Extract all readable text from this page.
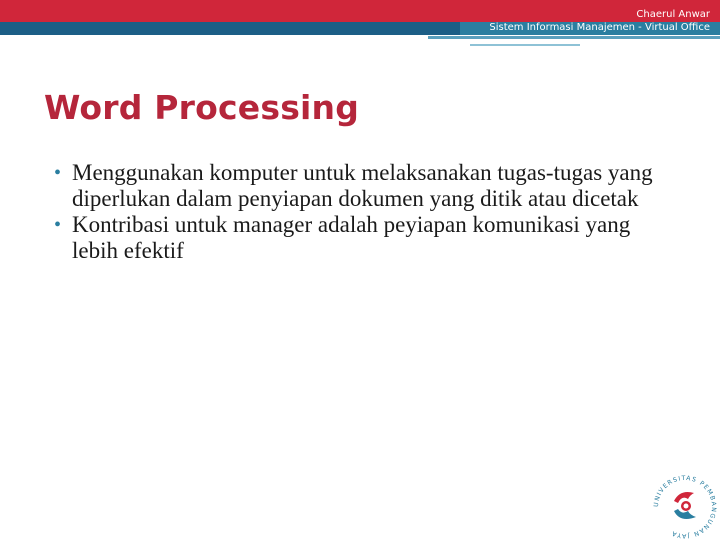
Chaerul Anwar
Sistem Informasi Manajemen - Virtual Office
Word Processing
• Menggunakan komputer untuk melaksanakan tugas-tugas yang diperlukan dalam penyiapan dokumen yang ditik atau dicetak
• Kontribasi untuk manager adalah peyiapan komunikasi yang lebih efektif
UNIVERSITAS PEMBANGUNAN JAYA
